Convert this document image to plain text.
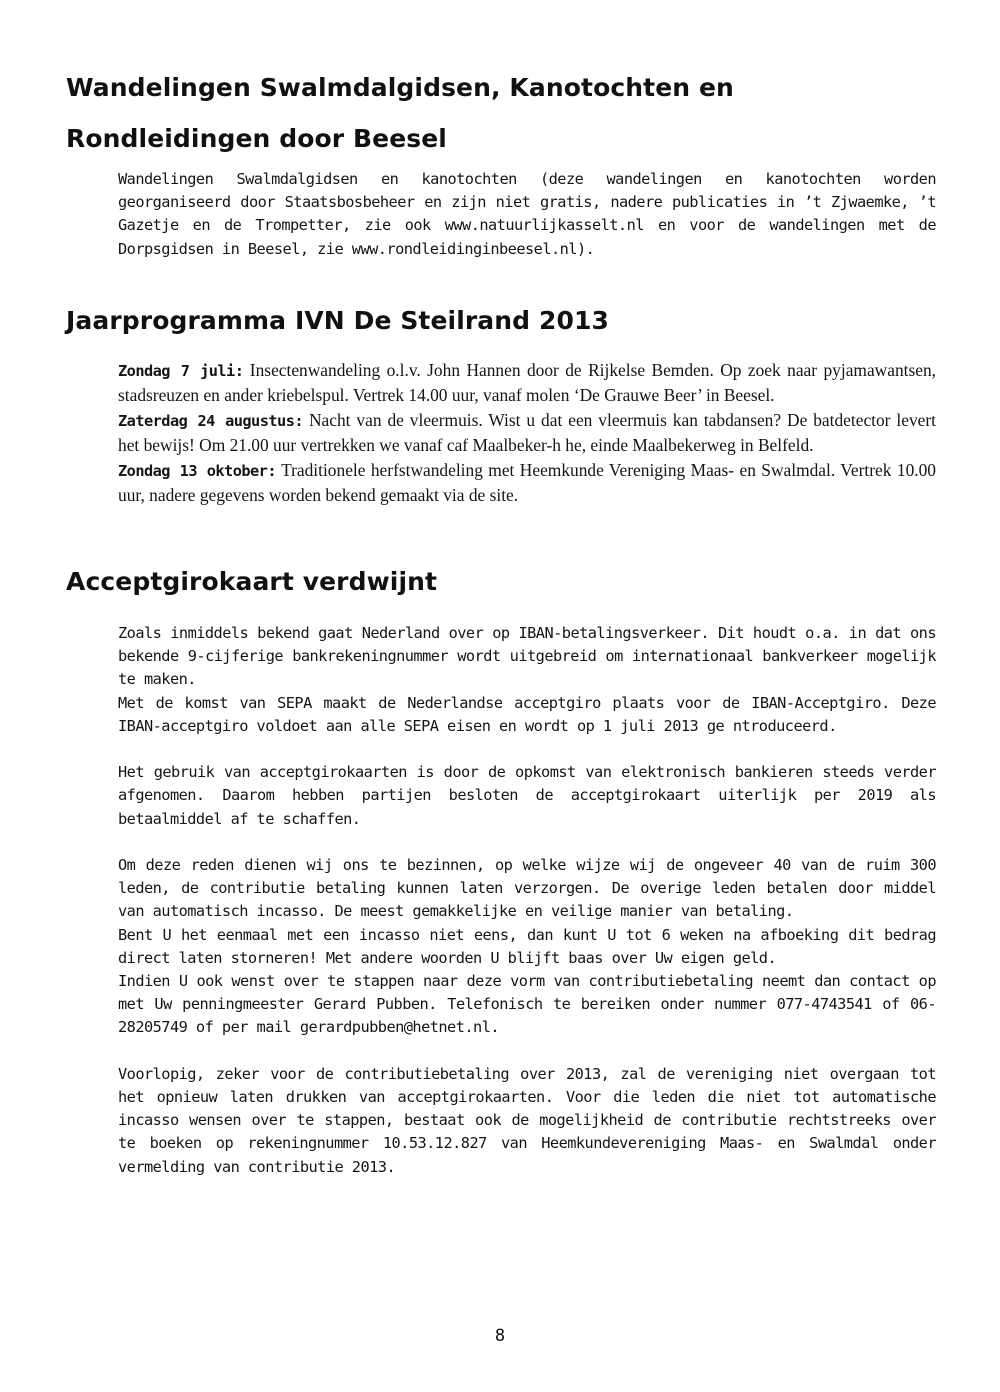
Wandelingen Swalmdalgidsen, Kanotochten en Rondleidingen door Beesel

Wandelingen Swalmdalgidsen en kanotochten (deze wandelingen en kanotochten worden georganiseerd door Staatsbosbeheer en zijn niet gratis, nadere publicaties in ’t Zjwaemke, ’t Gazetje en de Trompetter, zie ook www.natuurlijkasselt.nl en voor de wandelingen met de Dorpsgidsen in Beesel, zie www.rondleidinginbeesel.nl).

Jaarprogramma IVN De Steilrand 2013

Zondag 7 juli: Insectenwandeling o.l.v. John Hannen door de Rijkelse Bemden. Op zoek naar pyjamawantsen, stadsreuzen en ander kriebelspul. Vertrek 14.00 uur, vanaf molen ‘De Grauwe Beer’ in Beesel.

Zaterdag 24 augustus: Nacht van de vleermuis. Wist u dat een vleermuis kan tabdansen? De batdetector levert het bewijs! Om 21.00 uur vertrekken we vanaf caf Maalbeker-h he, einde Maalbekerweg in Belfeld.

Zondag 13 oktober: Traditionele herfstwandeling met Heemkunde Vereniging Maas- en Swalmdal. Vertrek 10.00 uur, nadere gegevens worden bekend gemaakt via de site.

Acceptgirokaart verdwijnt

Zoals inmiddels bekend gaat Nederland over op IBAN-betalingsverkeer. Dit houdt o.a. in dat ons bekende 9-cijferige bankrekeningnummer wordt uitgebreid om internationaal bankverkeer mogelijk te maken.

Met de komst van SEPA maakt de Nederlandse acceptgiro plaats voor de IBAN-Acceptgiro. Deze IBAN-acceptgiro voldoet aan alle SEPA eisen en wordt op 1 juli 2013 ge ntroduceerd.

Het gebruik van acceptgirokaarten is door de opkomst van elektronisch bankieren steeds verder afgenomen. Daarom hebben partijen besloten de acceptgirokaart uiterlijk per 2019 als betaalmiddel af te schaffen.

Om deze reden dienen wij ons te bezinnen, op welke wijze wij de ongeveer 40 van de ruim 300 leden, de contributie betaling kunnen laten verzorgen. De overige leden betalen door middel van automatisch incasso. De meest gemakkelijke en veilige manier van betaling.

Bent U het eenmaal met een incasso niet eens, dan kunt U tot 6 weken na afboeking dit bedrag direct laten storneren! Met andere woorden U blijft baas over Uw eigen geld.

Indien U ook wenst over te stappen naar deze vorm van contributiebetaling neemt dan contact op met Uw penningmeester Gerard Pubben. Telefonisch te bereiken onder nummer 077-4743541 of 06-28205749 of per mail gerardpubben@hetnet.nl.

Voorlopig, zeker voor de contributiebetaling over 2013, zal de vereniging niet overgaan tot het opnieuw laten drukken van acceptgirokaarten. Voor die leden die niet tot automatische incasso wensen over te stappen, bestaat ook de mogelijkheid de contributie rechtstreeks over te boeken op rekeningnummer 10.53.12.827 van Heemkundevereniging Maas- en Swalmdal onder vermelding van contributie 2013.

8
